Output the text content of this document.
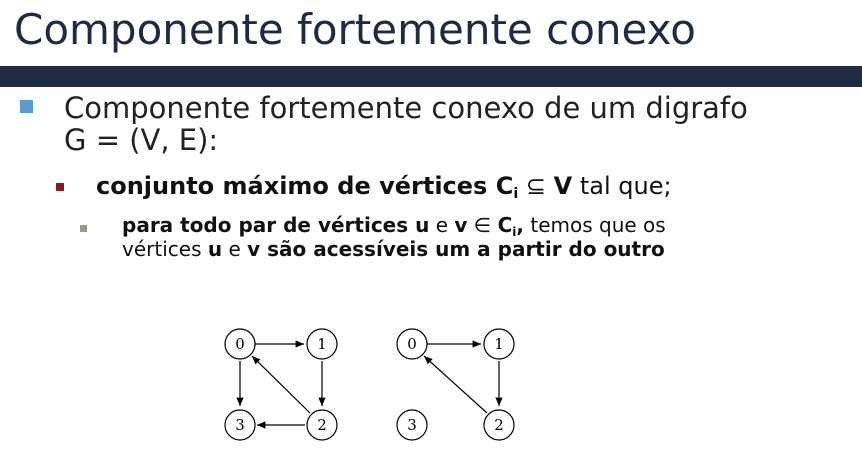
Componente fortemente conexo
Componente fortemente conexo de um digrafo
G = (V, E):
conjunto máximo de vértices $C_i$ ⊆ V tal que;
para todo par de vértices u e v ∈ $C_i$, temos que os
vértices u e v são acessíveis um a partir do outro
0	1
3	2
0	1
3	2
